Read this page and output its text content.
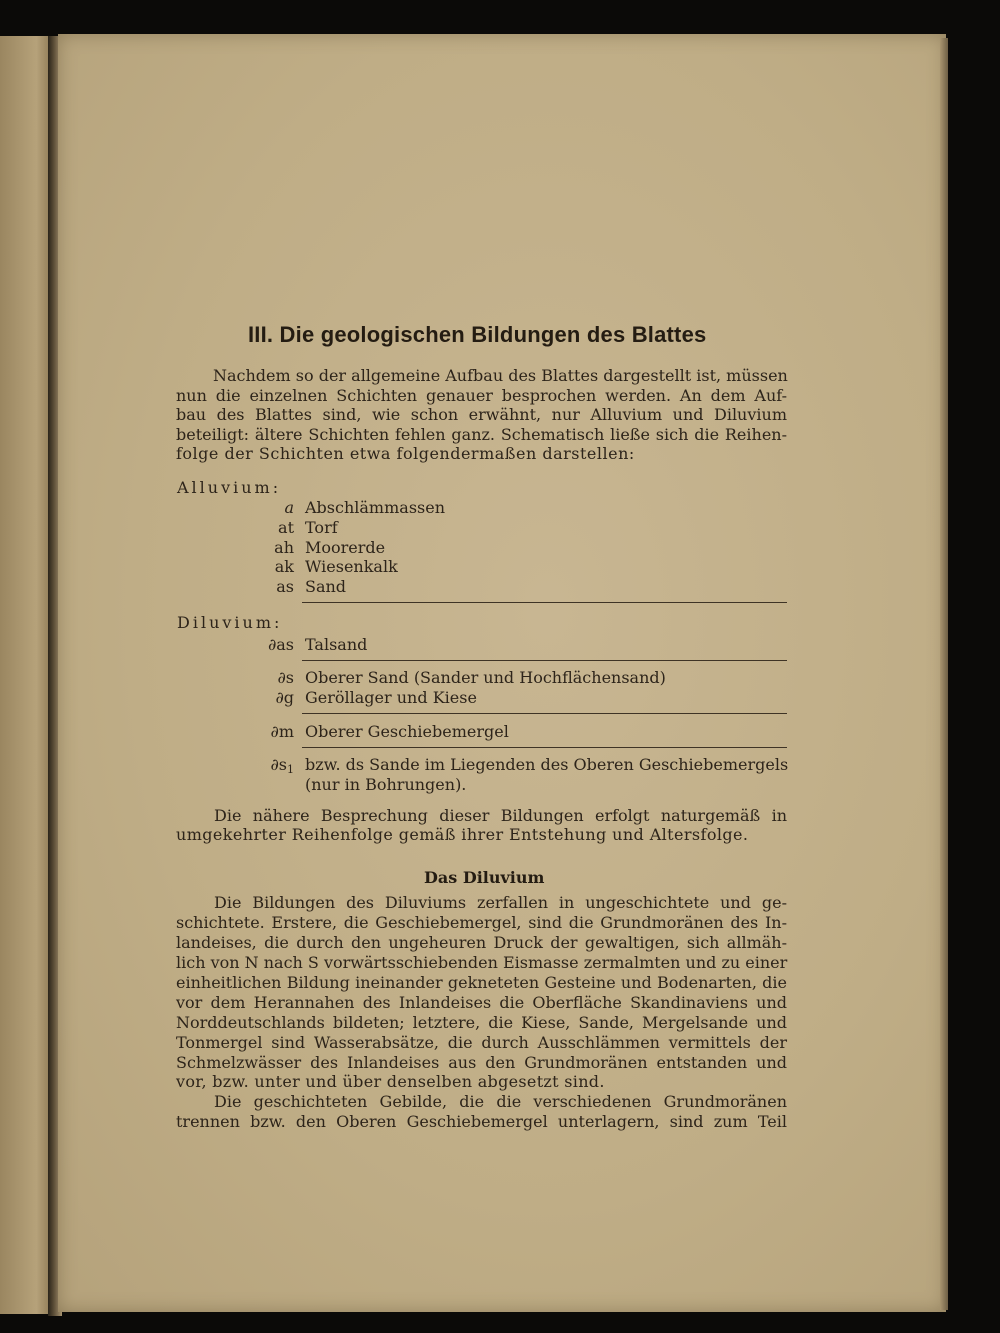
III. Die geologischen Bildungen des Blattes
Nachdem so der allgemeine Aufbau des Blattes dargestellt ist, müssen
nun die einzelnen Schichten genauer besprochen werden. An dem Auf-
bau des Blattes sind, wie schon erwähnt, nur Alluvium und Diluvium
beteiligt: ältere Schichten fehlen ganz. Schematisch ließe sich die Reihen-
folge der Schichten etwa folgendermaßen darstellen:
Alluvium:
a Abschlämmassen
at Torf
ah Moorerde
ak Wiesenkalk
as Sand
Diluvium:
∂as Talsand
∂s Oberer Sand (Sander und Hochflächensand)
∂g Geröllager und Kiese
∂m Oberer Geschiebemergel
$\partial s_1$ bzw. ds Sande im Liegenden des Oberen Geschiebemergels
(nur in Bohrungen).
Die nähere Besprechung dieser Bildungen erfolgt naturgemäß in
umgekehrter Reihenfolge gemäß ihrer Entstehung und Altersfolge.
Das Diluvium
Die Bildungen des Diluviums zerfallen in ungeschichtete und ge-
schichtete. Erstere, die Geschiebemergel, sind die Grundmoränen des In-
landeises, die durch den ungeheuren Druck der gewaltigen, sich allmäh-
lich von N nach S vorwärtsschiebenden Eismasse zermalmten und zu einer
einheitlichen Bildung ineinander gekneteten Gesteine und Bodenarten, die
vor dem Herannahen des Inlandeises die Oberfläche Skandinaviens und
Norddeutschlands bildeten; letztere, die Kiese, Sande, Mergelsande und
Tonmergel sind Wasserabsätze, die durch Ausschlämmen vermittels der
Schmelzwässer des Inlandeises aus den Grundmoränen entstanden und
vor, bzw. unter und über denselben abgesetzt sind.
Die geschichteten Gebilde, die die verschiedenen Grundmoränen
trennen bzw. den Oberen Geschiebemergel unterlagern, sind zum Teil
